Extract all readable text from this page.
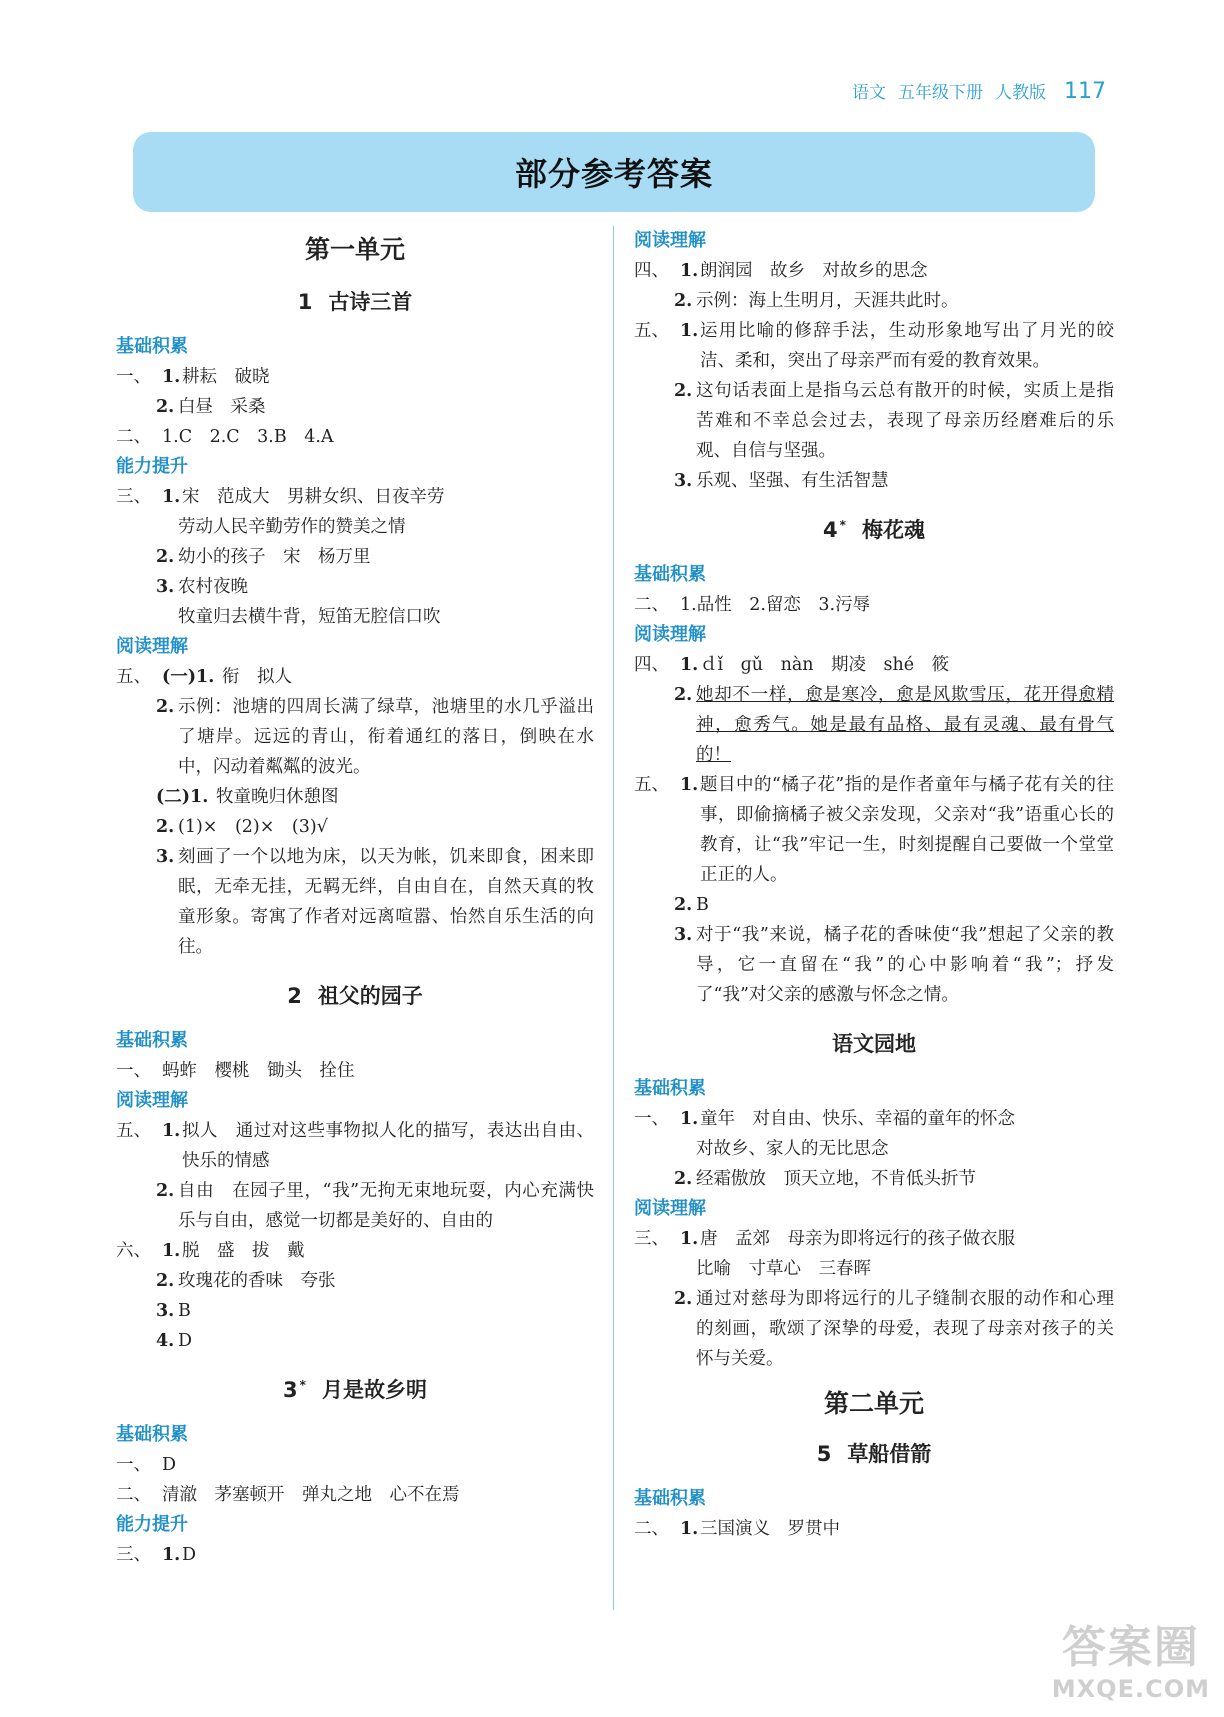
语文 五年级下册 人教版 117
部分参考答案
第一单元
1 古诗三首
基础积累
一、 1. 耕耘　破晓
2. 白昼　采桑
二、 1.C　2.C　3.B　4.A
能力提升
三、 1. 宋　范成大　男耕女织、日夜辛劳
劳动人民辛勤劳作的赞美之情
2. 幼小的孩子　宋　杨万里
3. 农村夜晚
牧童归去横牛背，短笛无腔信口吹
阅读理解
五、 (一)1. 衔　拟人
2. 示例：池塘的四周长满了绿草，池塘里的水几乎溢出了塘岸。远远的青山，衔着通红的落日，倒映在水中，闪动着粼粼的波光。
(二)1. 牧童晚归休憩图
2. (1)×　(2)×　(3)√
3. 刻画了一个以地为床，以天为帐，饥来即食，困来即眠，无牵无挂，无羁无绊，自由自在，自然天真的牧童形象。寄寓了作者对远离喧嚣、怡然自乐生活的向往。
2 祖父的园子
基础积累
一、 蚂蚱　樱桃　锄头　拴住
阅读理解
五、 1. 拟人　通过对这些事物拟人化的描写，表达出自由、快乐的情感
2. 自由　在园子里，“我”无拘无束地玩耍，内心充满快乐与自由，感觉一切都是美好的、自由的
六、 1. 脱　盛　拔　戴
2. 玫瑰花的香味　夸张
3. B
4. D
3 * 月是故乡明
基础积累
一、 D
二、 清澈　茅塞顿开　弹丸之地　心不在焉
能力提升
三、 1. D
阅读理解
四、 1. 朗润园　故乡　对故乡的思念
2. 示例：海上生明月，天涯共此时。
五、 1. 运用比喻的修辞手法，生动形象地写出了月光的皎洁、柔和，突出了母亲严而有爱的教育效果。
2. 这句话表面上是指乌云总有散开的时候，实质上是指苦难和不幸总会过去，表现了母亲历经磨难后的乐观、自信与坚强。
3. 乐观、坚强、有生活智慧
4 * 梅花魂
基础积累
二、 1.品性　2.留恋　3.污辱
阅读理解
四、 1. ｄǐ　ɡǔ　nàn　期凌　shé　筱
2. 她却不一样，愈是寒冷，愈是风欺雪压，花开得愈精神，愈秀气。她是最有品格、最有灵魂、最有骨气的！
五、 1. 题目中的“橘子花”指的是作者童年与橘子花有关的往事，即偷摘橘子被父亲发现，父亲对“我”语重心长的教育，让“我”牢记一生，时刻提醒自己要做一个堂堂正正的人。
2. B
3. 对于“我”来说，橘子花的香味使“我”想起了父亲的教导，它一直留在“我”的心中影响着“我”；抒发了“我”对父亲的感激与怀念之情。
语文园地
基础积累
一、 1. 童年　对自由、快乐、幸福的童年的怀念
对故乡、家人的无比思念
2. 经霜傲放　顶天立地，不肯低头折节
阅读理解
三、 1. 唐　孟郊　母亲为即将远行的孩子做衣服
比喻　寸草心　三春晖
2. 通过对慈母为即将远行的儿子缝制衣服的动作和心理的刻画，歌颂了深挚的母爱，表现了母亲对孩子的关怀与关爱。
第二单元
5 草船借箭
基础积累
二、 1. 三国演义　罗贯中
答案圈
MXQE.COM
